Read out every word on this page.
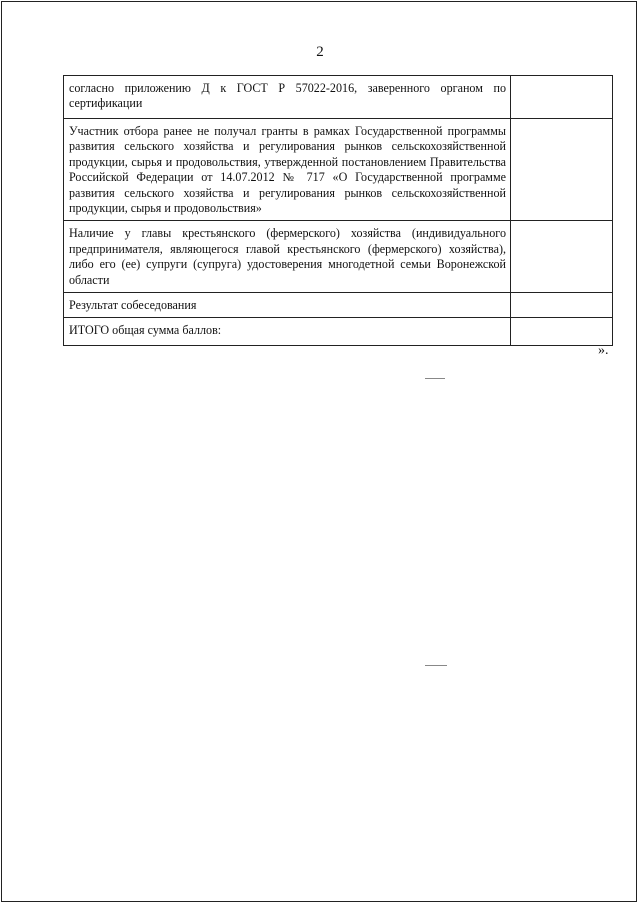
2
согласно приложению Д к ГОСТ Р 57022-2016, заверенного органом по сертификации	
Участник отбора ранее не получал гранты в рамках Государственной программы развития сельского хозяйства и регулирования рынков сельскохозяйственной продукции, сырья и продовольствия, утвержденной постановлением Правительства Российской Федерации от 14.07.2012 № 717 «О Государственной программе развития сельского хозяйства и регулирования рынков сельскохозяйственной продукции, сырья и продовольствия»	
Наличие у главы крестьянского (фермерского) хозяйства (индивидуального предпринимателя, являющегося главой крестьянского (фермерского) хозяйства), либо его (ее) супруги (супруга) удостоверения многодетной семьи Воронежской области	
Результат собеседования	
ИТОГО общая сумма баллов:	
».
